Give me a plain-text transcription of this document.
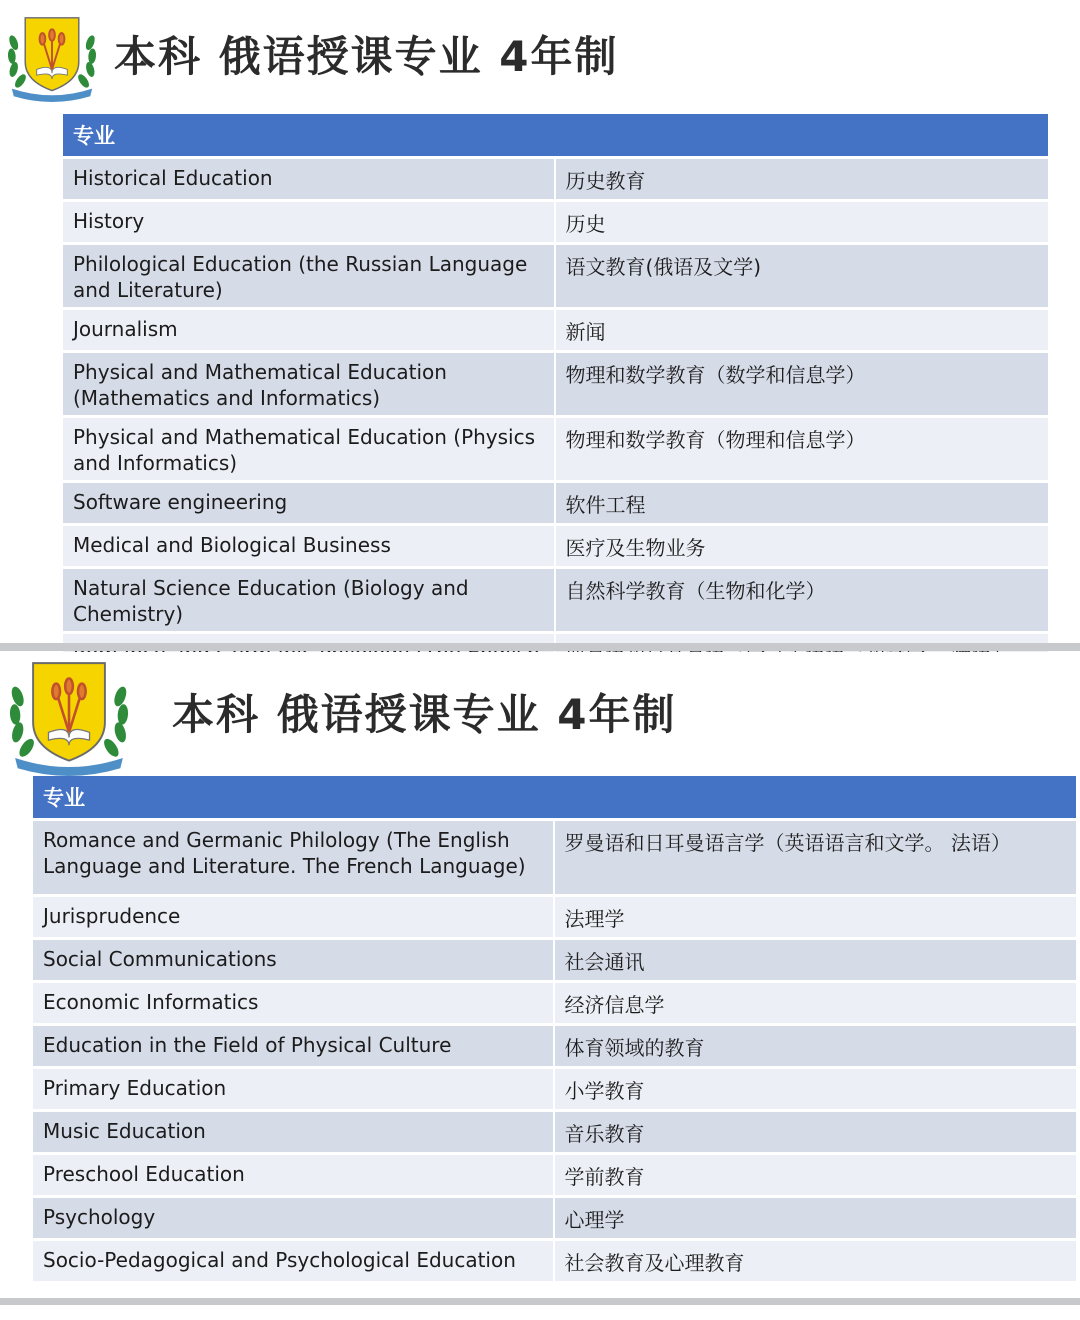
本科 俄语授课专业 4年制
专业	
Historical Education	历史教育
History	历史
Philological Education (the Russian Language and Literature)	语文教育(俄语及文学)
Journalism	新闻
Physical and Mathematical Education (Mathematics and Informatics)	物理和数学教育（数学和信息学）
Physical and Mathematical Education (Physics and Informatics)	物理和数学教育（物理和信息学）
Software engineering	软件工程
Medical and Biological Business	医疗及生物业务
Natural Science Education (Biology and Chemistry)	自然科学教育（生物和化学）

本科 俄语授课专业 4年制
专业	
Romance and Germanic Philology (The English Language and Literature. The French Language)	罗曼语和日耳曼语言学（英语语言和文学。 法语）
Jurisprudence	法理学
Social Communications	社会通讯
Economic Informatics	经济信息学
Education in the Field of Physical Culture	体育领域的教育
Primary Education	小学教育
Music Education	音乐教育
Preschool Education	学前教育
Psychology	心理学
Socio-Pedagogical and Psychological Education	社会教育及心理教育
